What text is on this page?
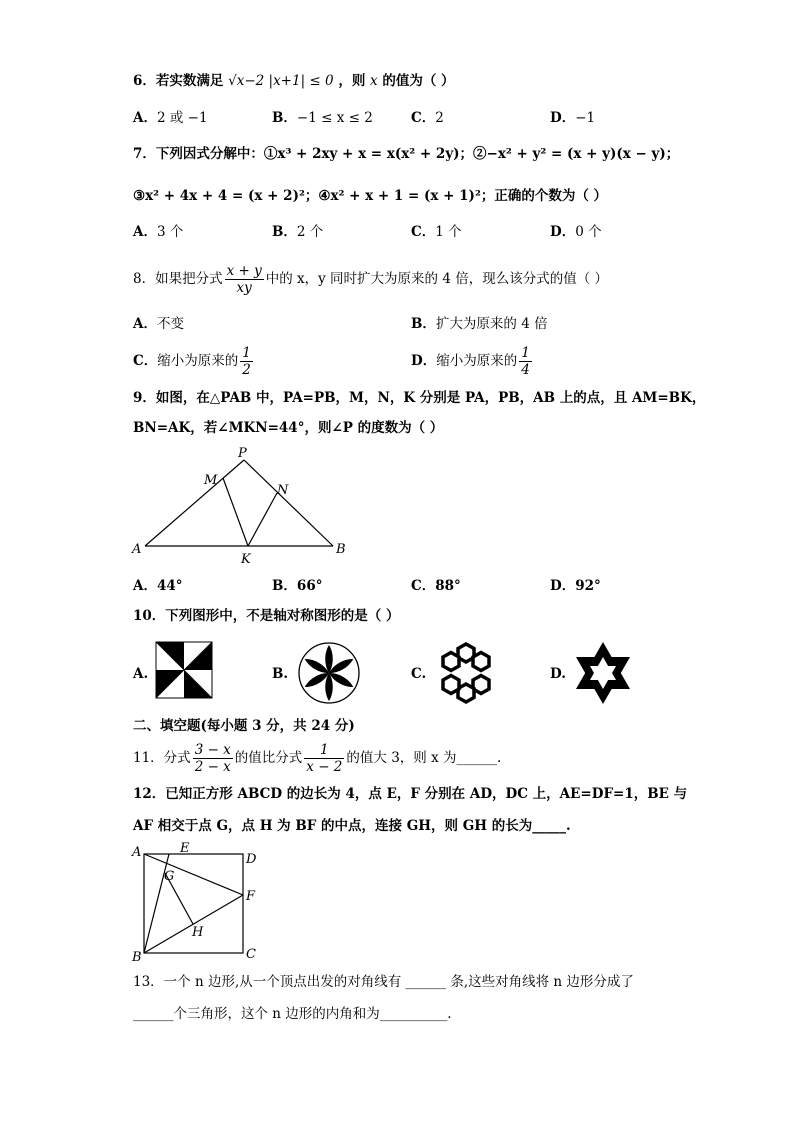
6．若实数满足 √x−2 |x+1| ≤ 0 ，则 x 的值为（ ）
A．2 或 −1	B．−1 ≤ x ≤ 2	C．2	D．−1
7．下列因式分解中：①x³ + 2xy + x = x(x² + 2y)；②−x² + y² = (x + y)(x − y)；
③x² + 4x + 4 = (x + 2)²；④x² + x + 1 = (x + 1)²；正确的个数为（ ）
A．3 个	B．2 个	C．1 个	D．0 个
8．如果把分式 $\frac{x + y}{xy}$ 中的 x，y 同时扩大为原来的 4 倍，现么该分式的值（ ）
A．不变	B．扩大为原来的 4 倍
C．缩小为原来的 $\frac{1}{2}$	D．缩小为原来的 $\frac{1}{4}$
9．如图，在△PAB 中，PA=PB，M，N，K 分别是 PA，PB，AB 上的点，且 AM=BK，
BN=AK，若∠MKN=44°，则∠P 的度数为（ ）
P
M
N
A
K
B
A．44°	B．66°	C．88°	D．92°
10．下列图形中，不是轴对称图形的是（ ）
A.	B.	C.	D.
二、填空题(每小题 3 分，共 24 分)
11．分式 $\frac{3 - x}{2 - x}$ 的值比分式 $\frac{1}{x - 2}$ 的值大 3，则 x 为______.
12．已知正方形 ABCD 的边长为 4，点 E，F 分别在 AD，DC 上，AE=DF=1，BE 与
AF 相交于点 G，点 H 为 BF 的中点，连接 GH，则 GH 的长为_____.
A	E
D
G
F
H
B	C
13．一个 n 边形,从一个顶点出发的对角线有 ______ 条,这些对角线将 n 边形分成了
______个三角形，这个 n 边形的内角和为__________.
